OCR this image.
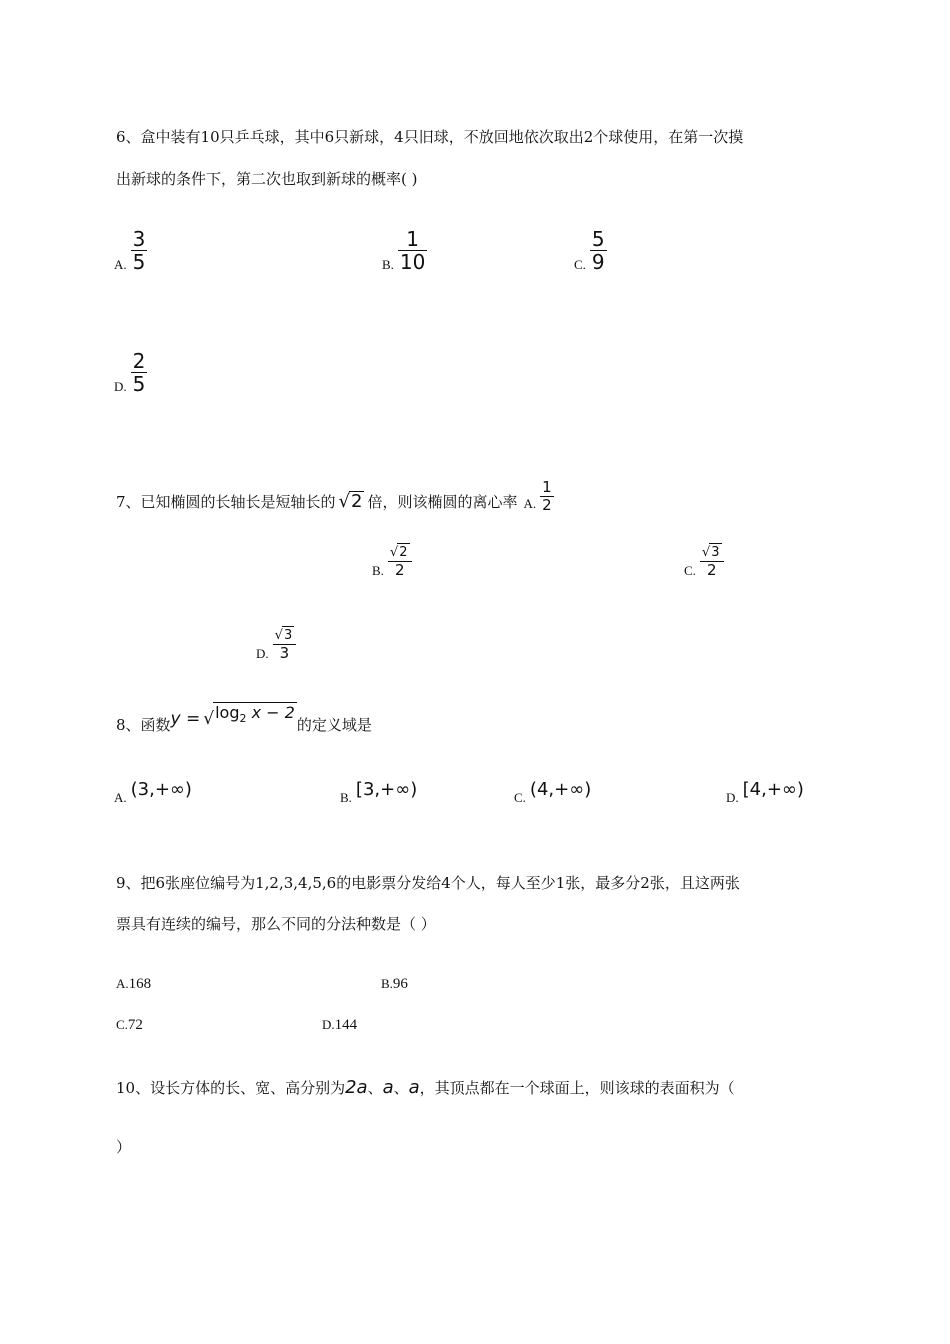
6、盒中装有10只乒乓球，其中6只新球，4只旧球，不放回地依次取出2个球使用，在第一次摸
出新球的条件下，第二次也取到新球的概率( )
A. $\frac{3}{5}$	B. $\frac{1}{10}$	C. $\frac{5}{9}$
D. $\frac{2}{5}$
7、已知椭圆的长轴长是短轴长的 √2 倍，则该椭圆的离心率 A. $\frac{1}{2}$
B. $\frac{√2}{2}$	C. $\frac{√3}{2}$
D. $\frac{√3}{3}$
8、函数 y = √ $\log_2 x - 2$
的定义域是
A. (3,+∞)	B. [3,+∞)	C. (4,+∞)	D. [4,+∞)
9、把6张座位编号为1,2,3,4,5,6的电影票分发给4个人，每人至少1张，最多分2张，且这两张
票具有连续的编号，那么不同的分法种数是（ ）
A.168	B.96
C.72	D.144
10、设长方体的长、宽、高分别为 2a 、 a 、 a ，其顶点都在一个球面上，则该球的表面积为（
）
